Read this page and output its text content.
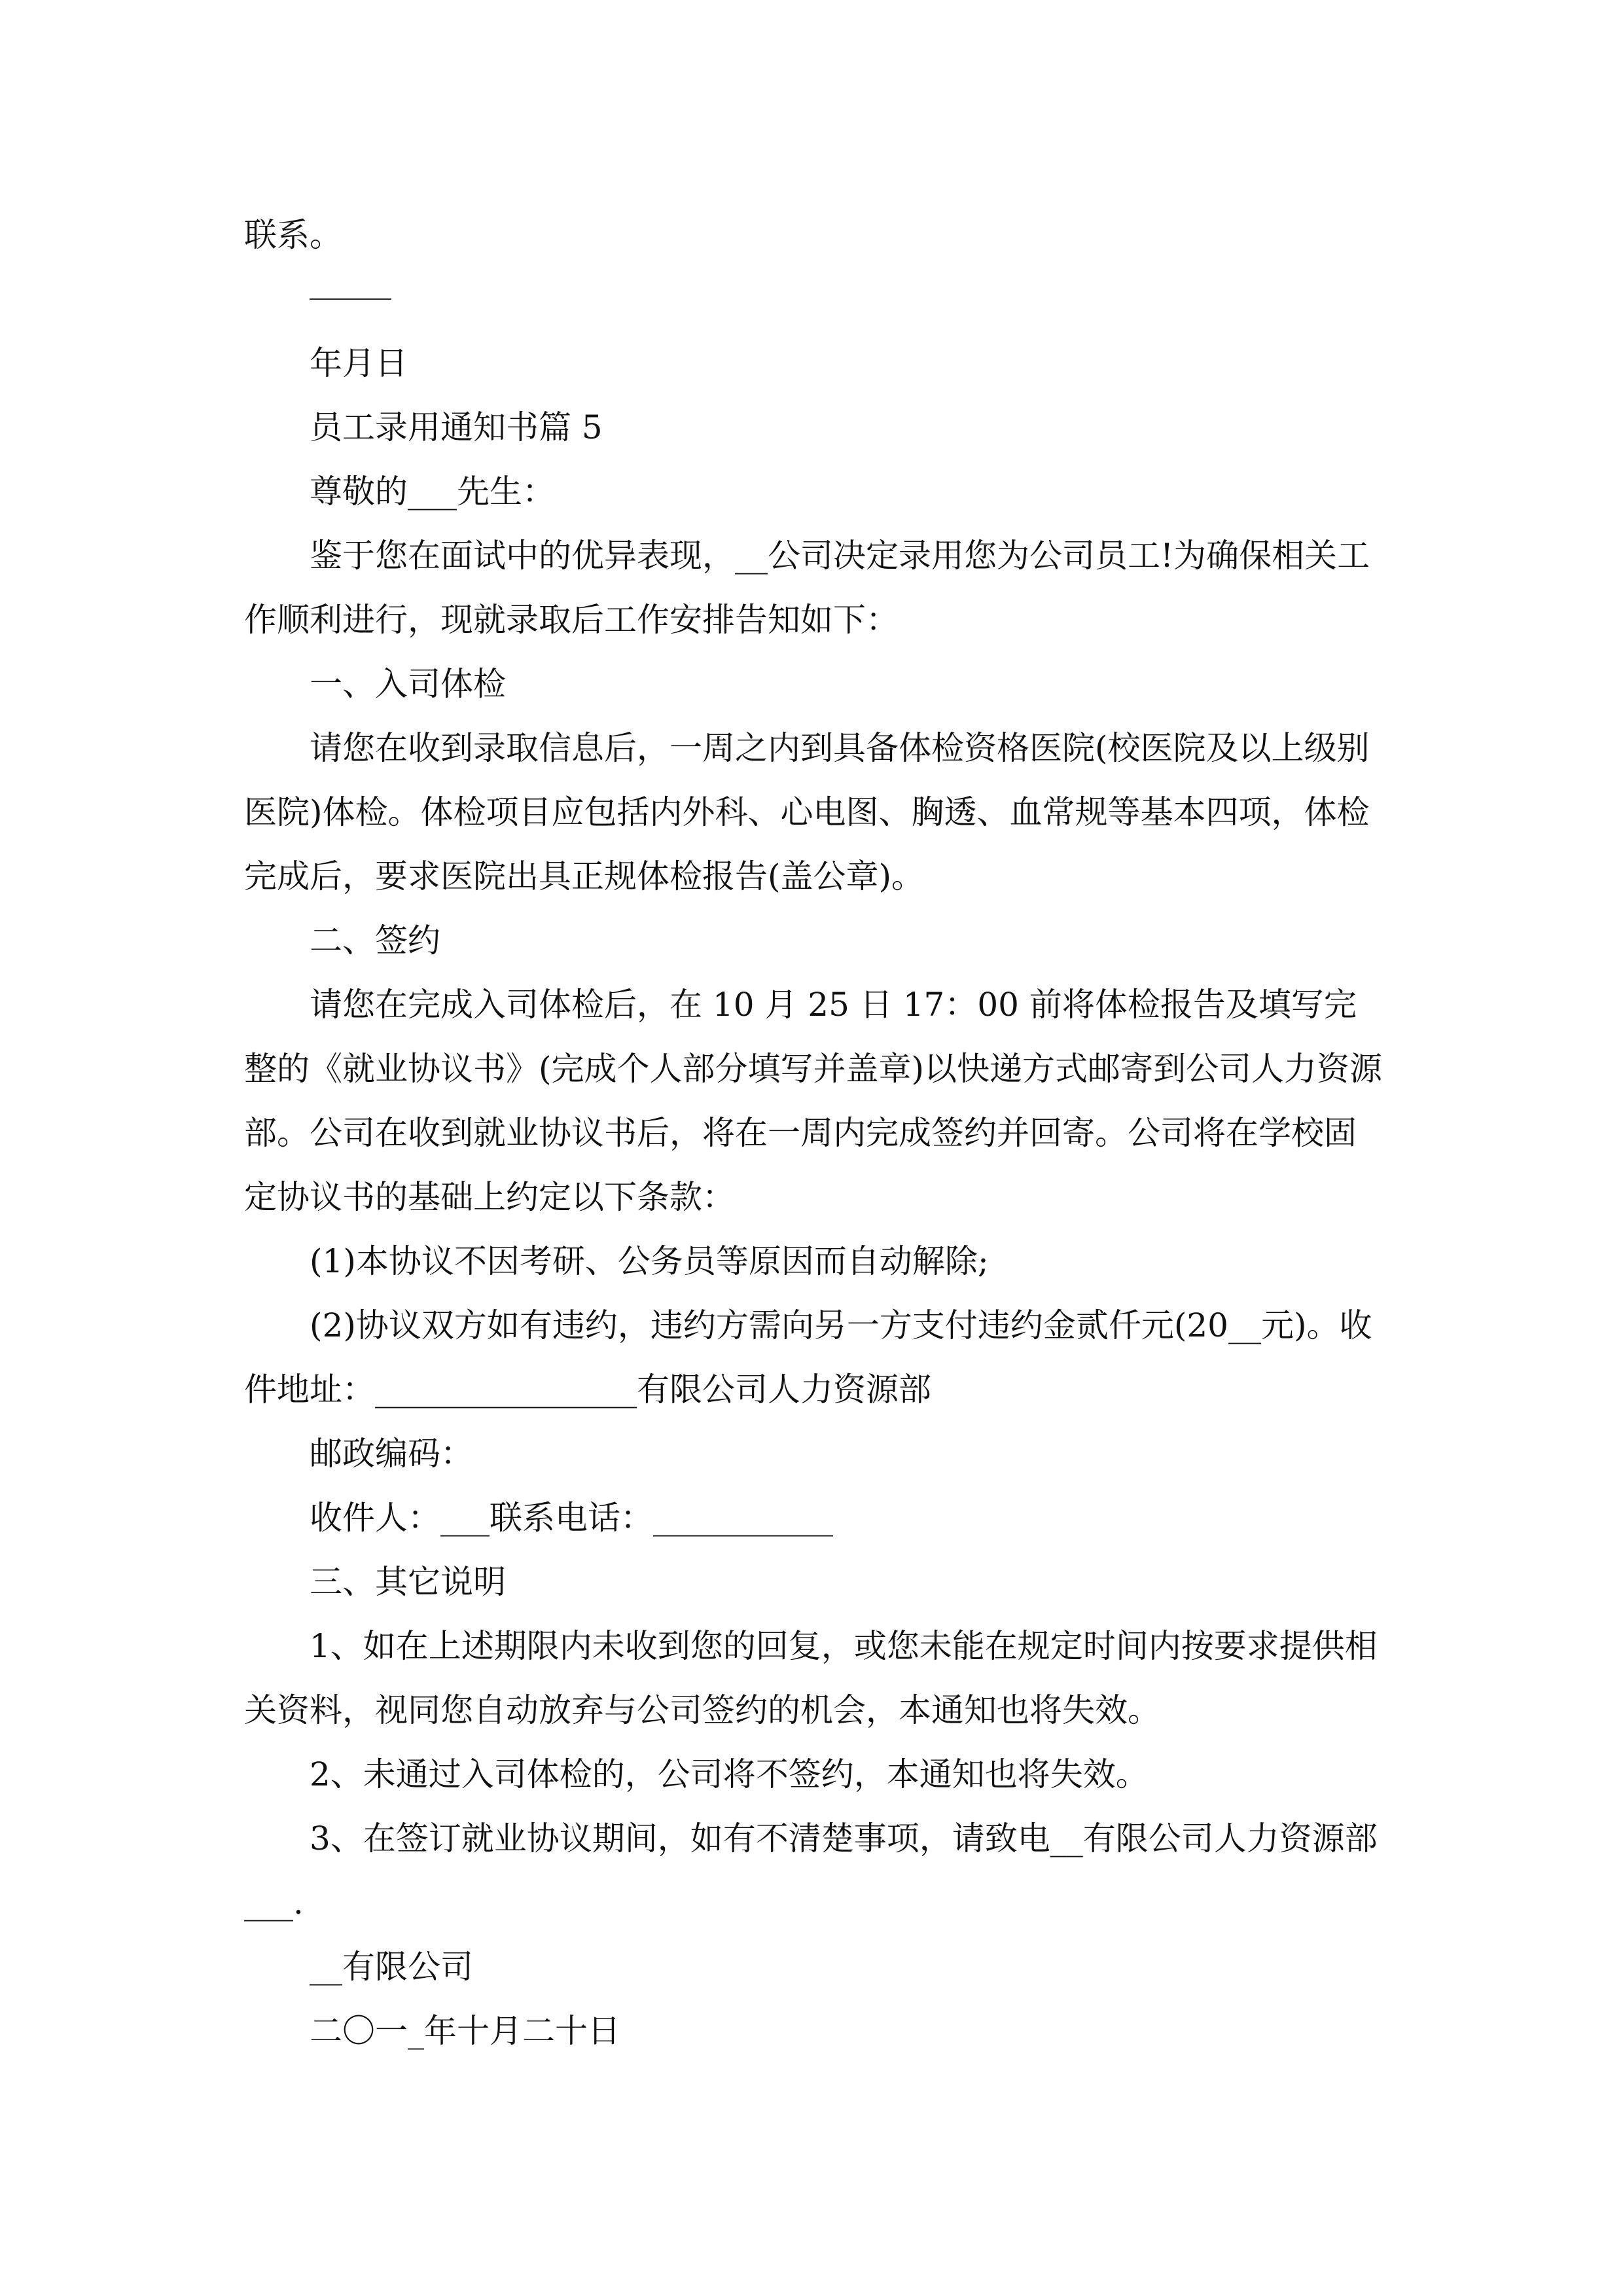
联系。

年月日

员工录用通知书篇 5

尊敬的___先生：

鉴于您在面试中的优异表现，__公司决定录用您为公司员工!为确保相关工作顺利进行，现就录取后工作安排告知如下：

一、入司体检

请您在收到录取信息后，一周之内到具备体检资格医院(校医院及以上级别医院)体检。体检项目应包括内外科、心电图、胸透、血常规等基本四项，体检完成后，要求医院出具正规体检报告(盖公章)。

二、签约

请您在完成入司体检后，在 10 月 25 日 17：00 前将体检报告及填写完整的《就业协议书》(完成个人部分填写并盖章)以快递方式邮寄到公司人力资源部。公司在收到就业协议书后，将在一周内完成签约并回寄。公司将在学校固定协议书的基础上约定以下条款：

(1)本协议不因考研、公务员等原因而自动解除;

(2)协议双方如有违约，违约方需向另一方支付违约金贰仟元(20__元)。收件地址：________________有限公司人力资源部

邮政编码：

收件人：___联系电话：___________

三、其它说明

1、如在上述期限内未收到您的回复，或您未能在规定时间内按要求提供相关资料，视同您自动放弃与公司签约的机会，本通知也将失效。

2、未通过入司体检的，公司将不签约，本通知也将失效。

3、在签订就业协议期间，如有不清楚事项，请致电__有限公司人力资源部___.

__有限公司

二〇一_年十月二十日
